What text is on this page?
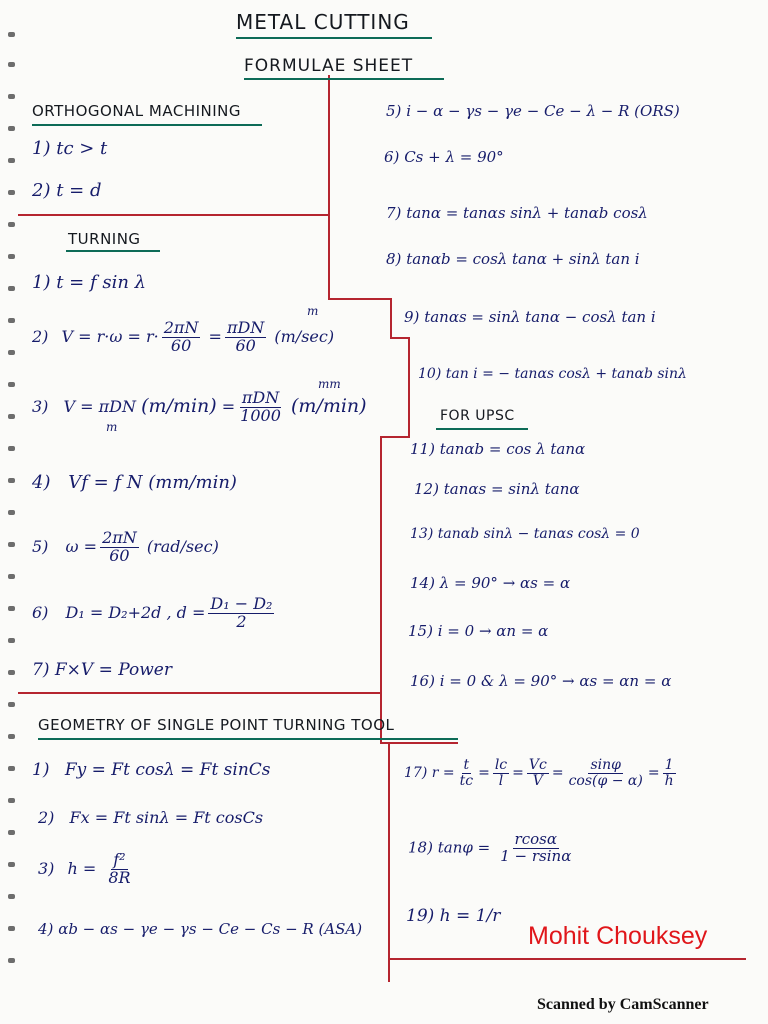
METAL CUTTING
FORMULAE SHEET
ORTHOGONAL MACHINING
1) tc > t
2) t = d
TURNING
1) t = f sin λ
m
2) $V = r\cdot\omega = r\cdot \frac{2\pi N}{60} = \frac{\text{πDN}}{60} (m/\sec)$
mm
3) V = πDN $(m/\min) = \frac{\text{πDN}}{1000} (m/\min)$
m
4) Vf = f N (mm/min)
5) $\omega = \frac{2\pi N}{60} (rad/\sec)$
6) D₁ = D₂+2d , $d = \frac{\text{D₁ − D₂}}{2}$
7) F×V = Power
5) i − α − γs − γe − Ce − λ − R (ORS)
6) Cs + λ = 90°
7) tanα = tanαs sinλ + tanαb cosλ
8) tanαb = cosλ tanα + sinλ tan i
9) tanαs = sinλ tanα − cosλ tan i
10) tan i = − tanαs cosλ + tanαb sinλ
FOR UPSC
11) tanαb = cos λ tanα
12) tanαs = sinλ tanα
13) tanαb sinλ − tanαs cosλ = 0
14) λ = 90° → αs = α
15) i = 0 → αn = α
16) i = 0 & λ = 90° → αs = αn = α
GEOMETRY OF SINGLE POINT TURNING TOOL
1) Fy = Ft cosλ = Ft sinCs
2) Fx = Ft sinλ = Ft cosCs
3) $h = \frac{\text{f²}}{8R}$
4) αb − αs − γe − γs − Ce − Cs − R (ASA)
17) $r = \frac{t}{tc} = \frac{lc}{l} = \frac{Vc}{V} = \frac{\sin\varphi}{\cos(\varphi - \alpha)} = \frac{1}{h}$
18) $\tan\varphi = \frac{rcos\alpha}{1 - rsin\alpha}$
19) h = 1/r
Mohit Chouksey
Scanned by CamScanner
